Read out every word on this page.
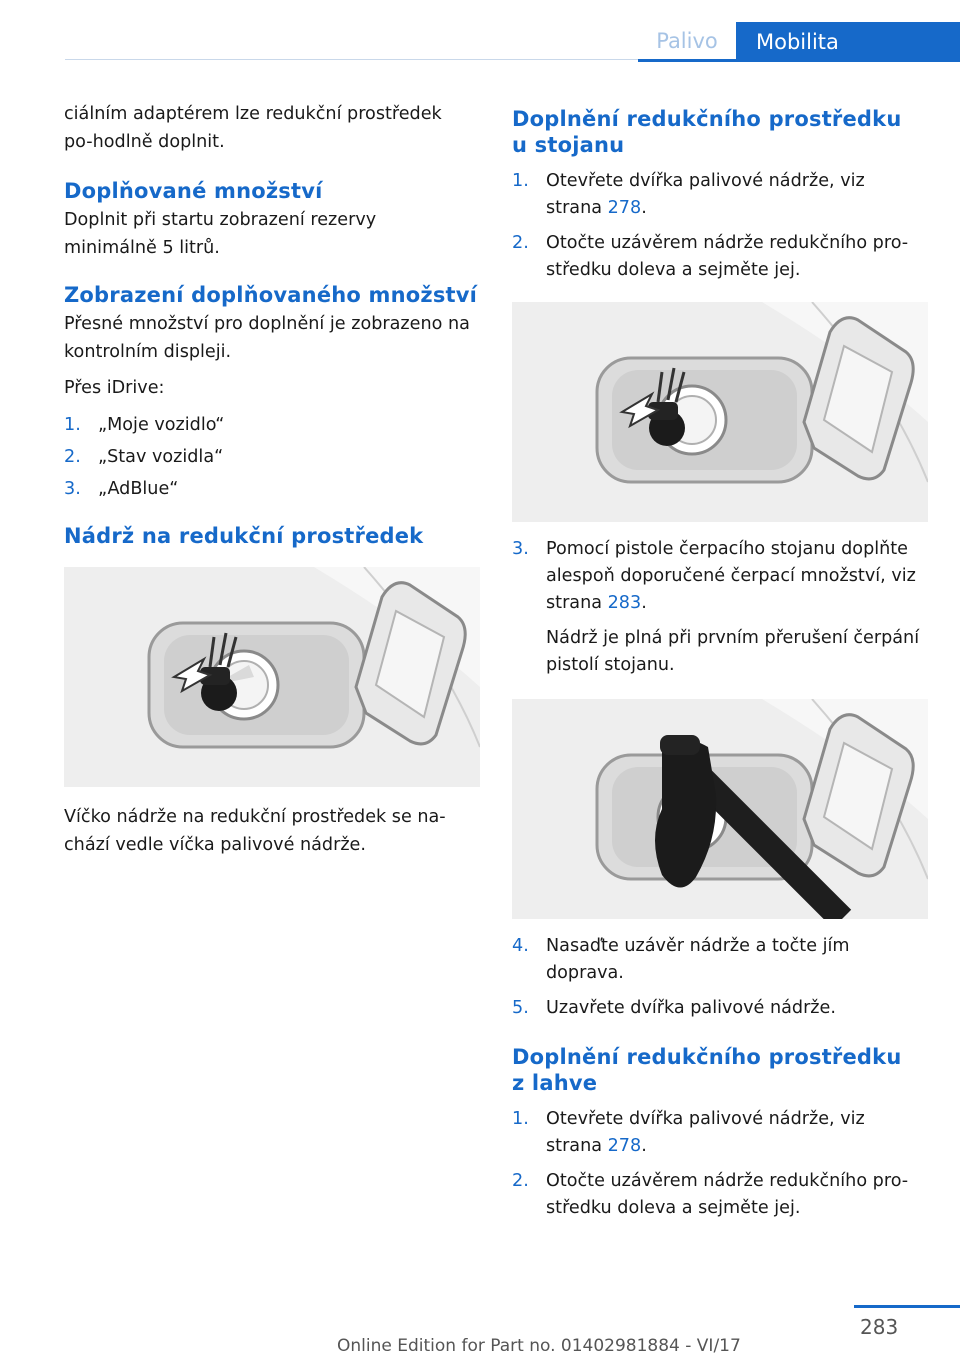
Palivo	Mobilita

ciálním adaptérem lze redukční prostředek po-hodlně doplnit.

Doplňované množství

Doplnit při startu zobrazení rezervy minimálně 5 litrů.

Zobrazení doplňovaného množství

Přesné množství pro doplnění je zobrazeno na kontrolním displeji.

Přes iDrive:

1. „Moje vozidlo“
2. „Stav vozidla“
3. „AdBlue“
Nádrž na redukční prostředek

Víčko nádrže na redukční prostředek se na-chází vedle víčka palivové nádrže.

Doplnění redukčního prostředku u stojanu
1. Otevřete dvířka palivové nádrže, viz strana 278.
2. Otočte uzávěrem nádrže redukčního pro-středku doleva a sejměte jej.
3. Pomocí pistole čerpacího stojanu doplňte alespoň doporučené čerpací množství, viz strana 283.

Nádrž je plná při prvním přerušení čerpání pistolí stojanu.

4. Nasaďte uzávěr nádrže a točte jím doprava.
5. Uzavřete dvířka palivové nádrže.
Doplnění redukčního prostředku z lahve
1. Otevřete dvířka palivové nádrže, viz strana 278.
2. Otočte uzávěrem nádrže redukčního pro-středku doleva a sejměte jej.
283
Online Edition for Part no. 01402981884 - VI/17
